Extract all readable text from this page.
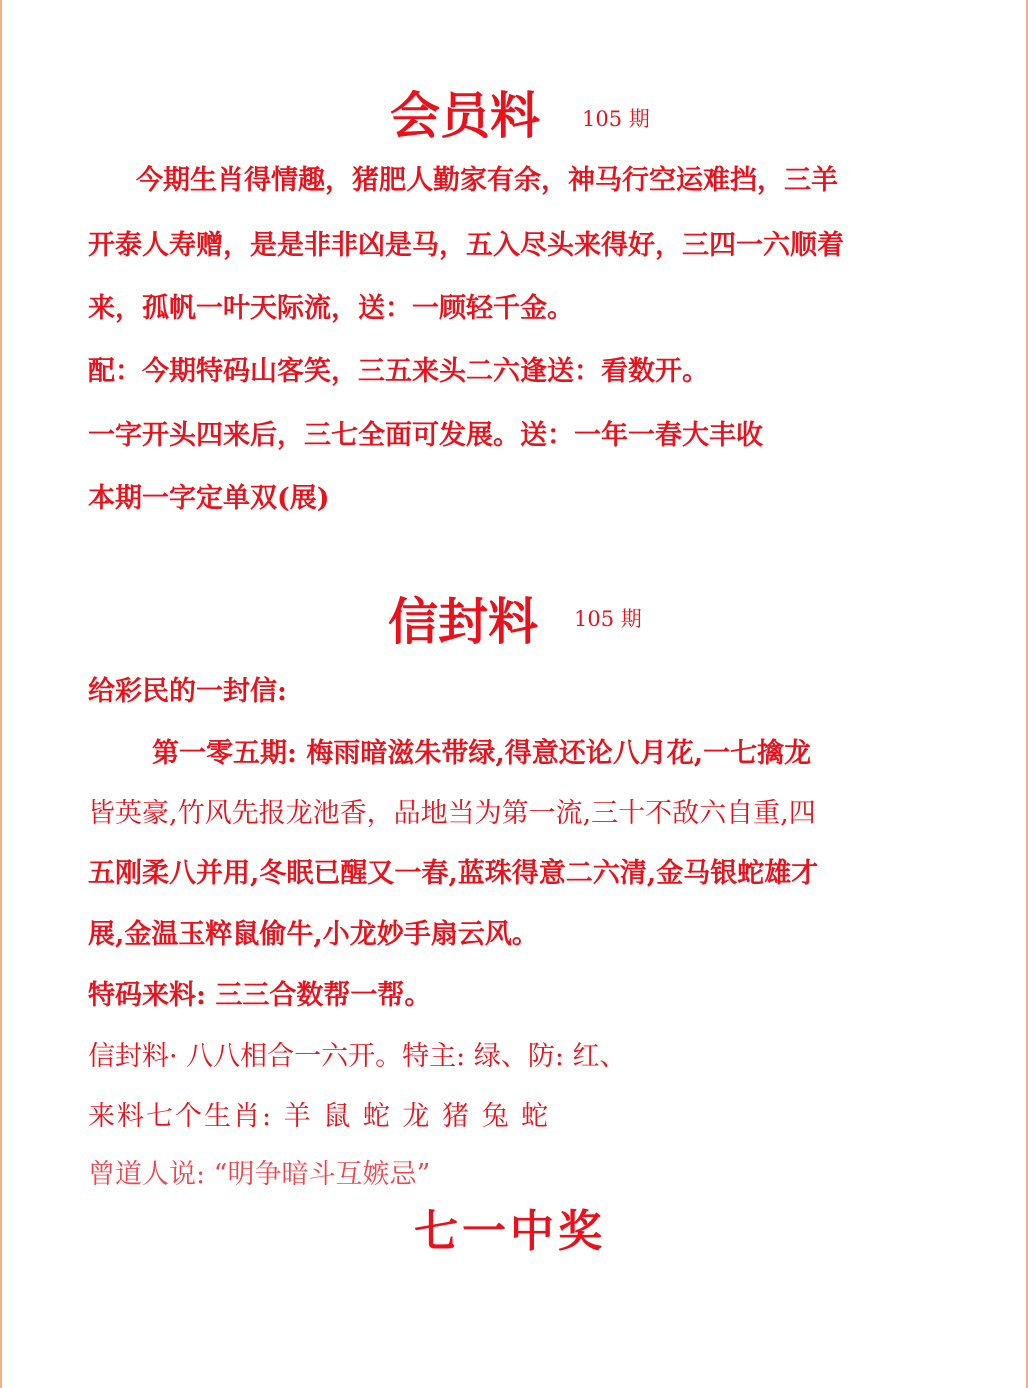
会员料 105 期
今期生肖得情趣，猪肥人勤家有余，神马行空运难挡，三羊
开泰人寿赠，是是非非凶是马，五入尽头来得好，三四一六顺着
来，孤帆一叶天际流，送：一顾轻千金。
配：今期特码山客笑，三五来头二六逢送：看数开。
一字开头四来后，三七全面可发展。送：一年一春大丰收
本期一字定单双(展)
信封料 105 期
给彩民的一封信:
第一零五期: 梅雨暗滋朱带绿,得意还论八月花,一七擒龙
皆英豪,竹风先报龙池香，品地当为第一流,三十不敌六自重,四
五刚柔八并用,冬眠已醒又一春,蓝珠得意二六清,金马银蛇雄才
展,金温玉粹鼠偷牛,小龙妙手扇云风。
特码来料: 三三合数帮一帮。
信封料· 八八相合一六开。特主: 绿、防: 红、
来料七个生肖: 羊 鼠 蛇 龙 猪 兔 蛇
曾道人说: “明争暗斗互嫉忌”
七一中奖
